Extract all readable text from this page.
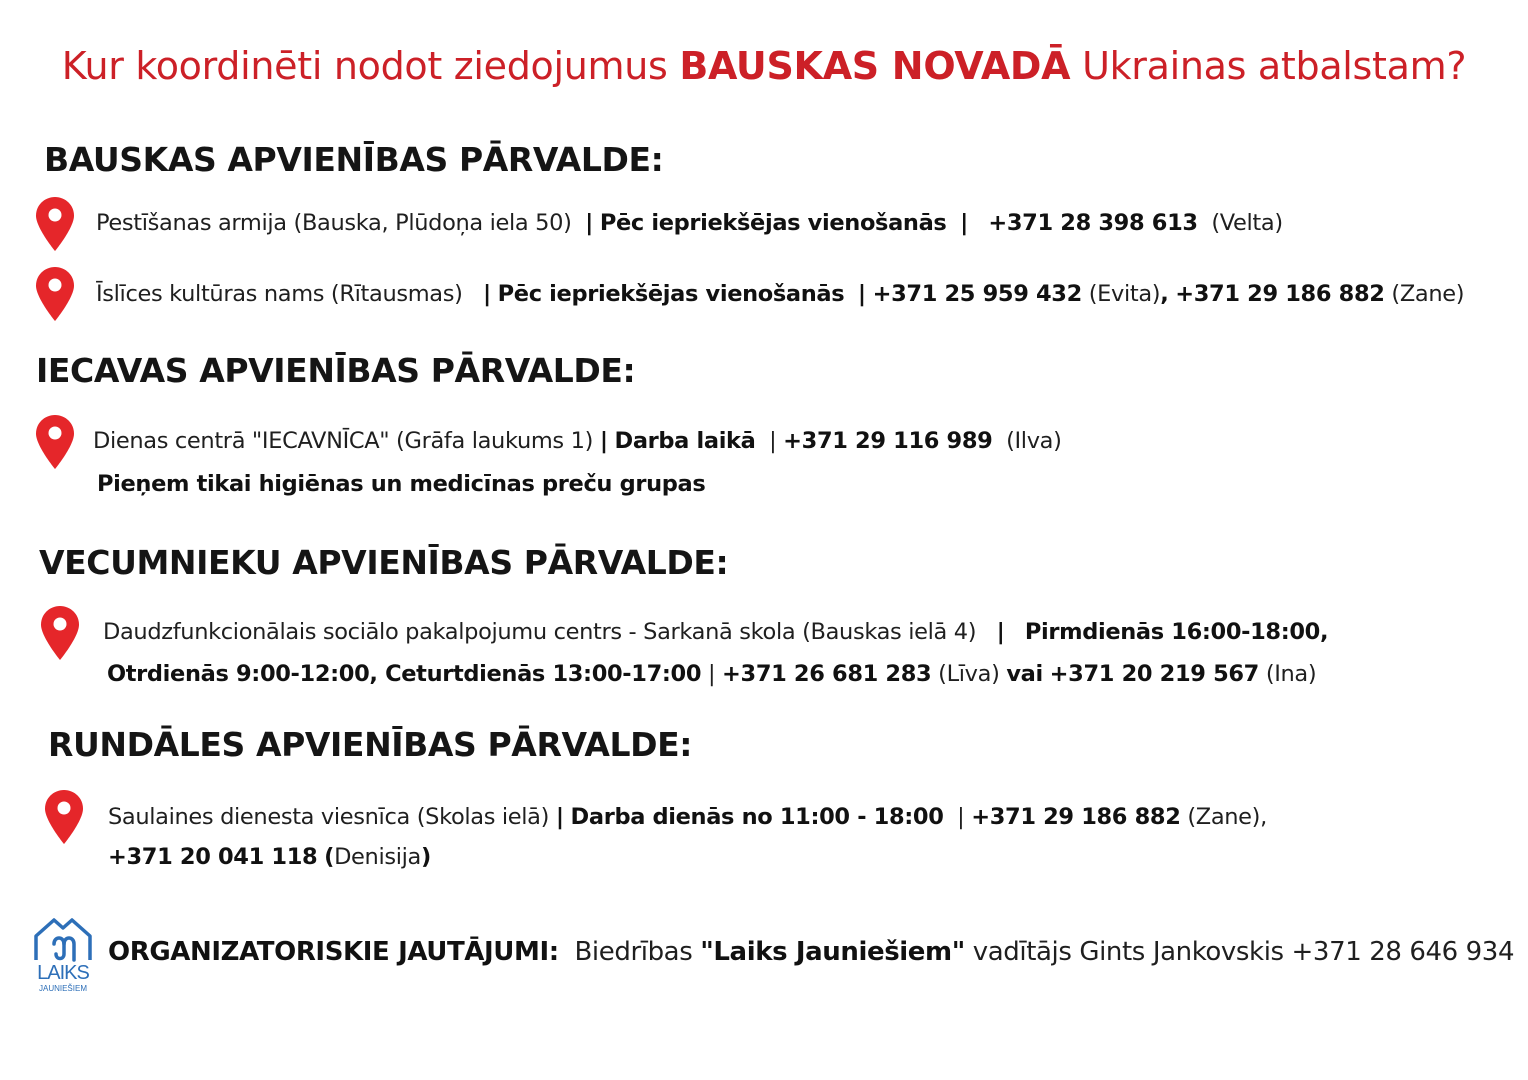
Kur koordinēti nodot ziedojumus BAUSKAS NOVADĀ Ukrainas atbalstam?
BAUSKAS APVIENĪBAS PĀRVALDE:
Pestīšanas armija (Bauska, Plūdoņa iela 50) | Pēc iepriekšējas vienošanās | +371 28 398 613 (Velta)
Īslīces kultūras nams (Rītausmas) | Pēc iepriekšējas vienošanās | +371 25 959 432 (Evita), +371 29 186 882 (Zane)
IECAVAS APVIENĪBAS PĀRVALDE:
Dienas centrā "IECAVNĪCA" (Grāfa laukums 1) | Darba laikā | +371 29 116 989 (Ilva)
Pieņem tikai higiēnas un medicīnas preču grupas
VECUMNIEKU APVIENĪBAS PĀRVALDE:
Daudzfunkcionālais sociālo pakalpojumu centrs - Sarkanā skola (Bauskas ielā 4) | Pirmdienās 16:00-18:00,
Otrdienās 9:00-12:00, Ceturtdienās 13:00-17:00 | +371 26 681 283 (Līva) vai +371 20 219 567 (Ina)
RUNDĀLES APVIENĪBAS PĀRVALDE:
Saulaines dienesta viesnīca (Skolas ielā) | Darba dienās no 11:00 - 18:00 | +371 29 186 882 (Zane),
+371 20 041 118 (Denisija)
LAIKS
JAUNIEŠIEM
ORGANIZATORISKIE JAUTĀJUMI: Biedrības "Laiks Jauniešiem" vadītājs Gints Jankovskis +371 28 646 934
